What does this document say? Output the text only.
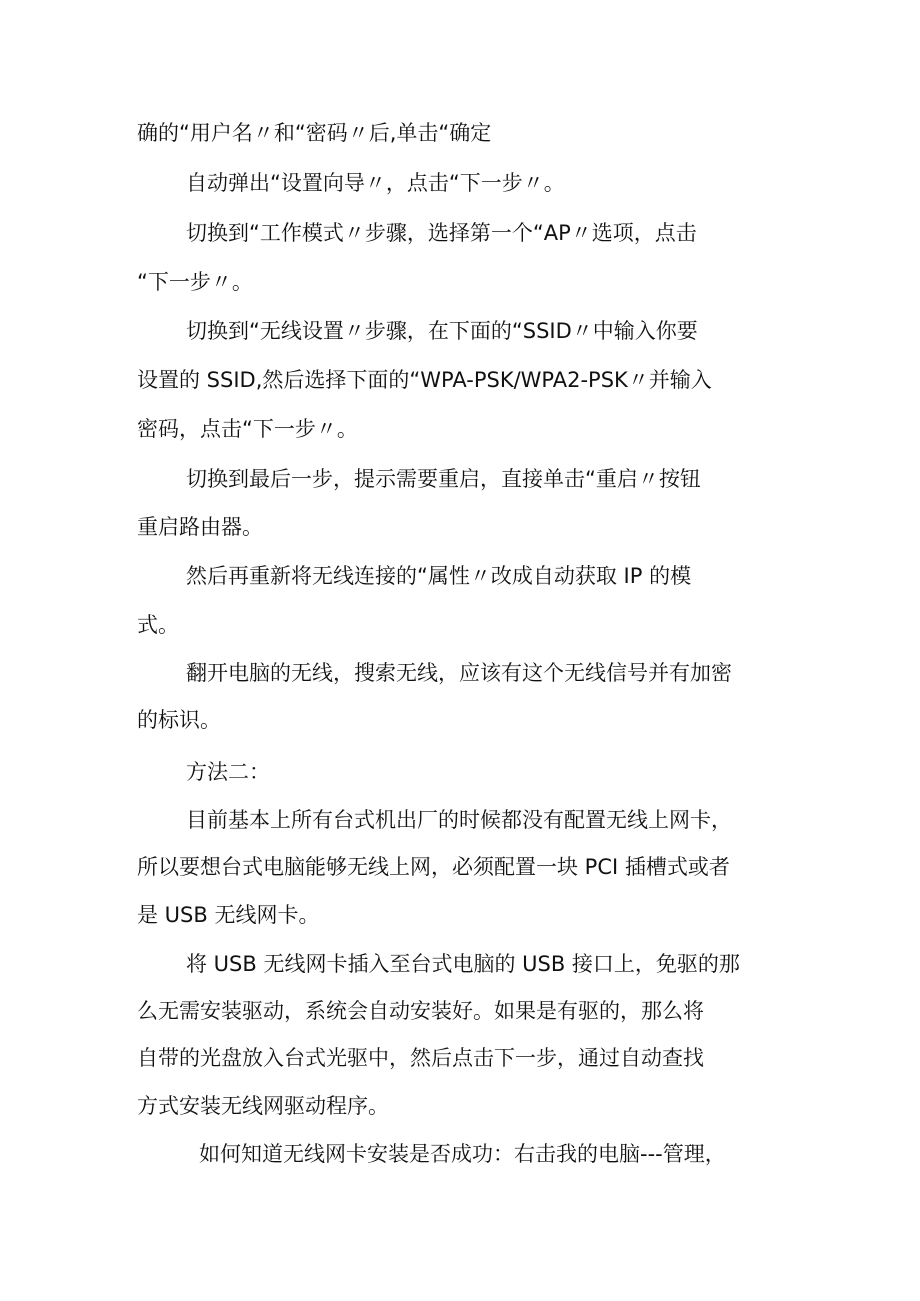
确的“用户名〃和“密码〃后,单击“确定
自动弹出“设置向导〃，点击“下一步〃。
切换到“工作模式〃步骤，选择第一个“AP〃选项，点击
“下一步〃。
切换到“无线设置〃步骤，在下面的“SSID〃中输入你要
设置的 SSID,然后选择下面的“WPA-PSK/WPA2-PSK〃并输入
密码，点击“下一步〃。
切换到最后一步，提示需要重启，直接单击“重启〃按钮
重启路由器。
然后再重新将无线连接的“属性〃改成自动获取 IP 的模
式。
翻开电脑的无线，搜索无线，应该有这个无线信号并有加密
的标识。
方法二：
目前基本上所有台式机出厂的时候都没有配置无线上网卡，
所以要想台式电脑能够无线上网，必须配置一块 PCI 插槽式或者
是 USB 无线网卡。
将 USB 无线网卡插入至台式电脑的 USB 接口上，免驱的那
么无需安装驱动，系统会自动安装好。如果是有驱的，那么将
自带的光盘放入台式光驱中，然后点击下一步，通过自动查找
方式安装无线网驱动程序。
如何知道无线网卡安装是否成功：右击我的电脑---管理，
